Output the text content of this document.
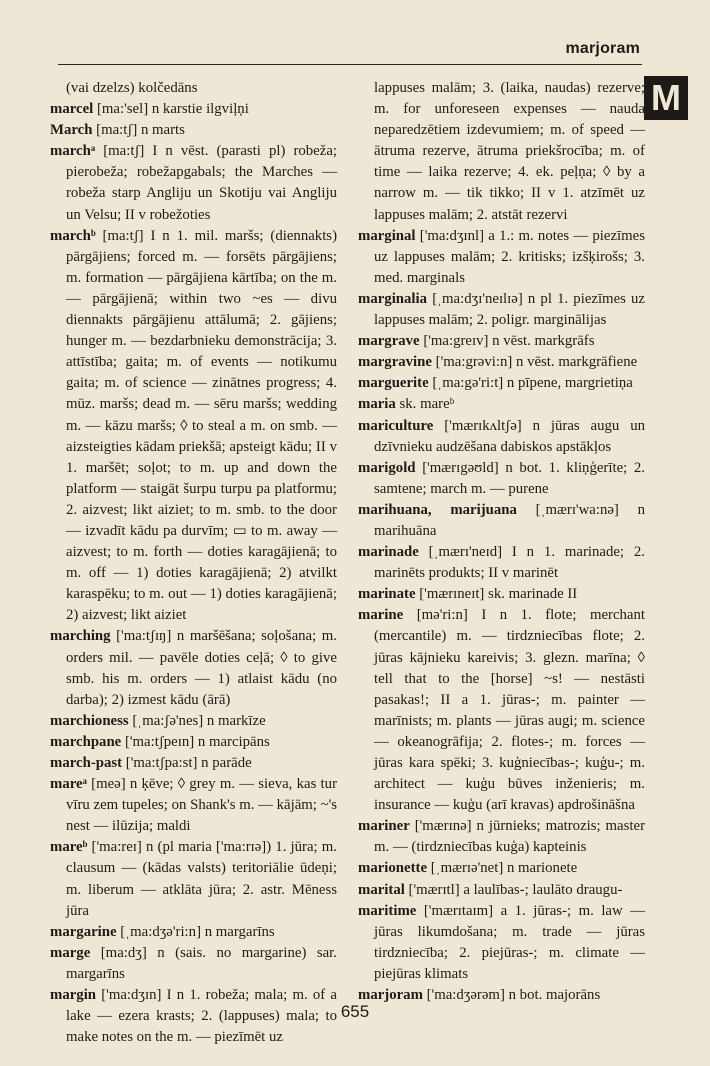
marjoram
M

(vai dzelzs) kolčedāns

marcel [ma:'sel] n karstie ilgviļņi

March [ma:tʃ] n marts

marchᵃ [ma:tʃ] I n vēst. (parasti pl) robeža; pierobeža; robežapgabals; the Marches — robeža starp Angliju un Skotiju vai Angliju un Velsu; II v robežoties

marchᵇ [ma:tʃ] I n 1. mil. maršs; (diennakts) pārgājiens; forced m. — forsēts pārgājiens; m. formation — pārgājiena kārtība; on the m. — pārgājienā; within two ~es — divu diennakts pārgājienu attālumā; 2. gājiens; hunger m. — bezdarbnieku demonstrācija; 3. attīstība; gaita; m. of events — notikumu gaita; m. of science — zinātnes progress; 4. mūz. maršs; dead m. — sēru maršs; wedding m. — kāzu maršs; ◊ to steal a m. on smb. — aizsteigties kādam priekšā; apsteigt kādu; II v 1. maršēt; soļot; to m. up and down the platform — staigāt šurpu turpu pa platformu; 2. aizvest; likt aiziet; to m. smb. to the door — izvadīt kādu pa durvīm; ▭ to m. away — aizvest; to m. forth — doties karagājienā; to m. off — 1) doties karagājienā; 2) atvilkt karaspēku; to m. out — 1) doties karagājienā; 2) aizvest; likt aiziet

marching ['ma:tʃɪŋ] n maršēšana; soļošana; m. orders mil. — pavēle doties ceļā; ◊ to give smb. his m. orders — 1) atlaist kādu (no darba); 2) izmest kādu (ārā)

marchioness [ˌma:ʃə'nes] n markīze

marchpane ['ma:tʃpeɪn] n marcipāns

march-past ['ma:tʃpa:st] n parāde

mareᵃ [meə] n ķēve; ◊ grey m. — sieva, kas tur vīru zem tupeles; on Shank's m. — kājām; ~'s nest — ilūzija; maldi

mareᵇ ['ma:reɪ] n (pl maria ['ma:rɪə]) 1. jūra; m. clausum — (kādas valsts) teritoriālie ūdeņi; m. liberum — atklāta jūra; 2. astr. Mēness jūra

margarine [ˌma:dʒə'ri:n] n margarīns

marge [ma:dʒ] n (sais. no margarine) sar. margarīns

margin ['ma:dʒɪn] I n 1. robeža; mala; m. of a lake — ezera krasts; 2. (lappuses) mala; to make notes on the m. — piezīmēt uz

lappuses malām; 3. (laika, naudas) rezerve; m. for unforeseen expenses — nauda neparedzētiem izdevumiem; m. of speed — ātruma rezerve, ātruma priekšrocība; m. of time — laika rezerve; 4. ek. peļņa; ◊ by a narrow m. — tik tikko; II v 1. atzīmēt uz lappuses malām; 2. atstāt rezervi

marginal ['ma:dʒɪnl] a 1.: m. notes — piezīmes uz lappuses malām; 2. kritisks; izšķirošs; 3. med. marginals

marginalia [ˌma:dʒɪ'neɪlɪə] n pl 1. piezīmes uz lappuses malām; 2. poligr. marginālijas

margrave ['ma:greɪv] n vēst. markgrāfs

margravine ['ma:grəvi:n] n vēst. markgrāfiene

marguerite [ˌma:gə'ri:t] n pīpene, margrietiņa

maria sk. mareᵇ

mariculture ['mærɪkʌltʃə] n jūras augu un dzīvnieku audzēšana dabiskos apstākļos

marigold ['mærɪgəʊld] n bot. 1. kliņģerīte; 2. samtene; march m. — purene

marihuana, marijuana [ˌmærɪ'wa:nə] n marihuāna

marinade [ˌmærɪ'neɪd] I n 1. marinade; 2. marinēts produkts; II v marinēt

marinate ['mærɪneɪt] sk. marinade II

marine [mə'ri:n] I n 1. flote; merchant (mercantile) m. — tirdzniecības flote; 2. jūras kājnieku kareivis; 3. glezn. marīna; ◊ tell that to the [horse] ~s! — nestāsti pasakas!; II a 1. jūras-; m. painter — marīnists; m. plants — jūras augi; m. science — okeanogrāfija; 2. flotes-; m. forces — jūras kara spēki; 3. kuģniecības-; kuģu-; m. architect — kuģu būves inženieris; m. insurance — kuģu (arī kravas) apdrošināšna

mariner ['mærɪnə] n jūrnieks; matrozis; master m. — (tirdzniecības kuģa) kapteinis

marionette [ˌmærɪə'net] n marionete

marital ['mærɪtl] a laulības-; laulāto draugu-

maritime ['mærɪtaɪm] a 1. jūras-; m. law — jūras likumdošana; m. trade — jūras tirdzniecība; 2. piejūras-; m. climate — piejūras klimats

marjoram ['ma:dʒərəm] n bot. majorāns

655
